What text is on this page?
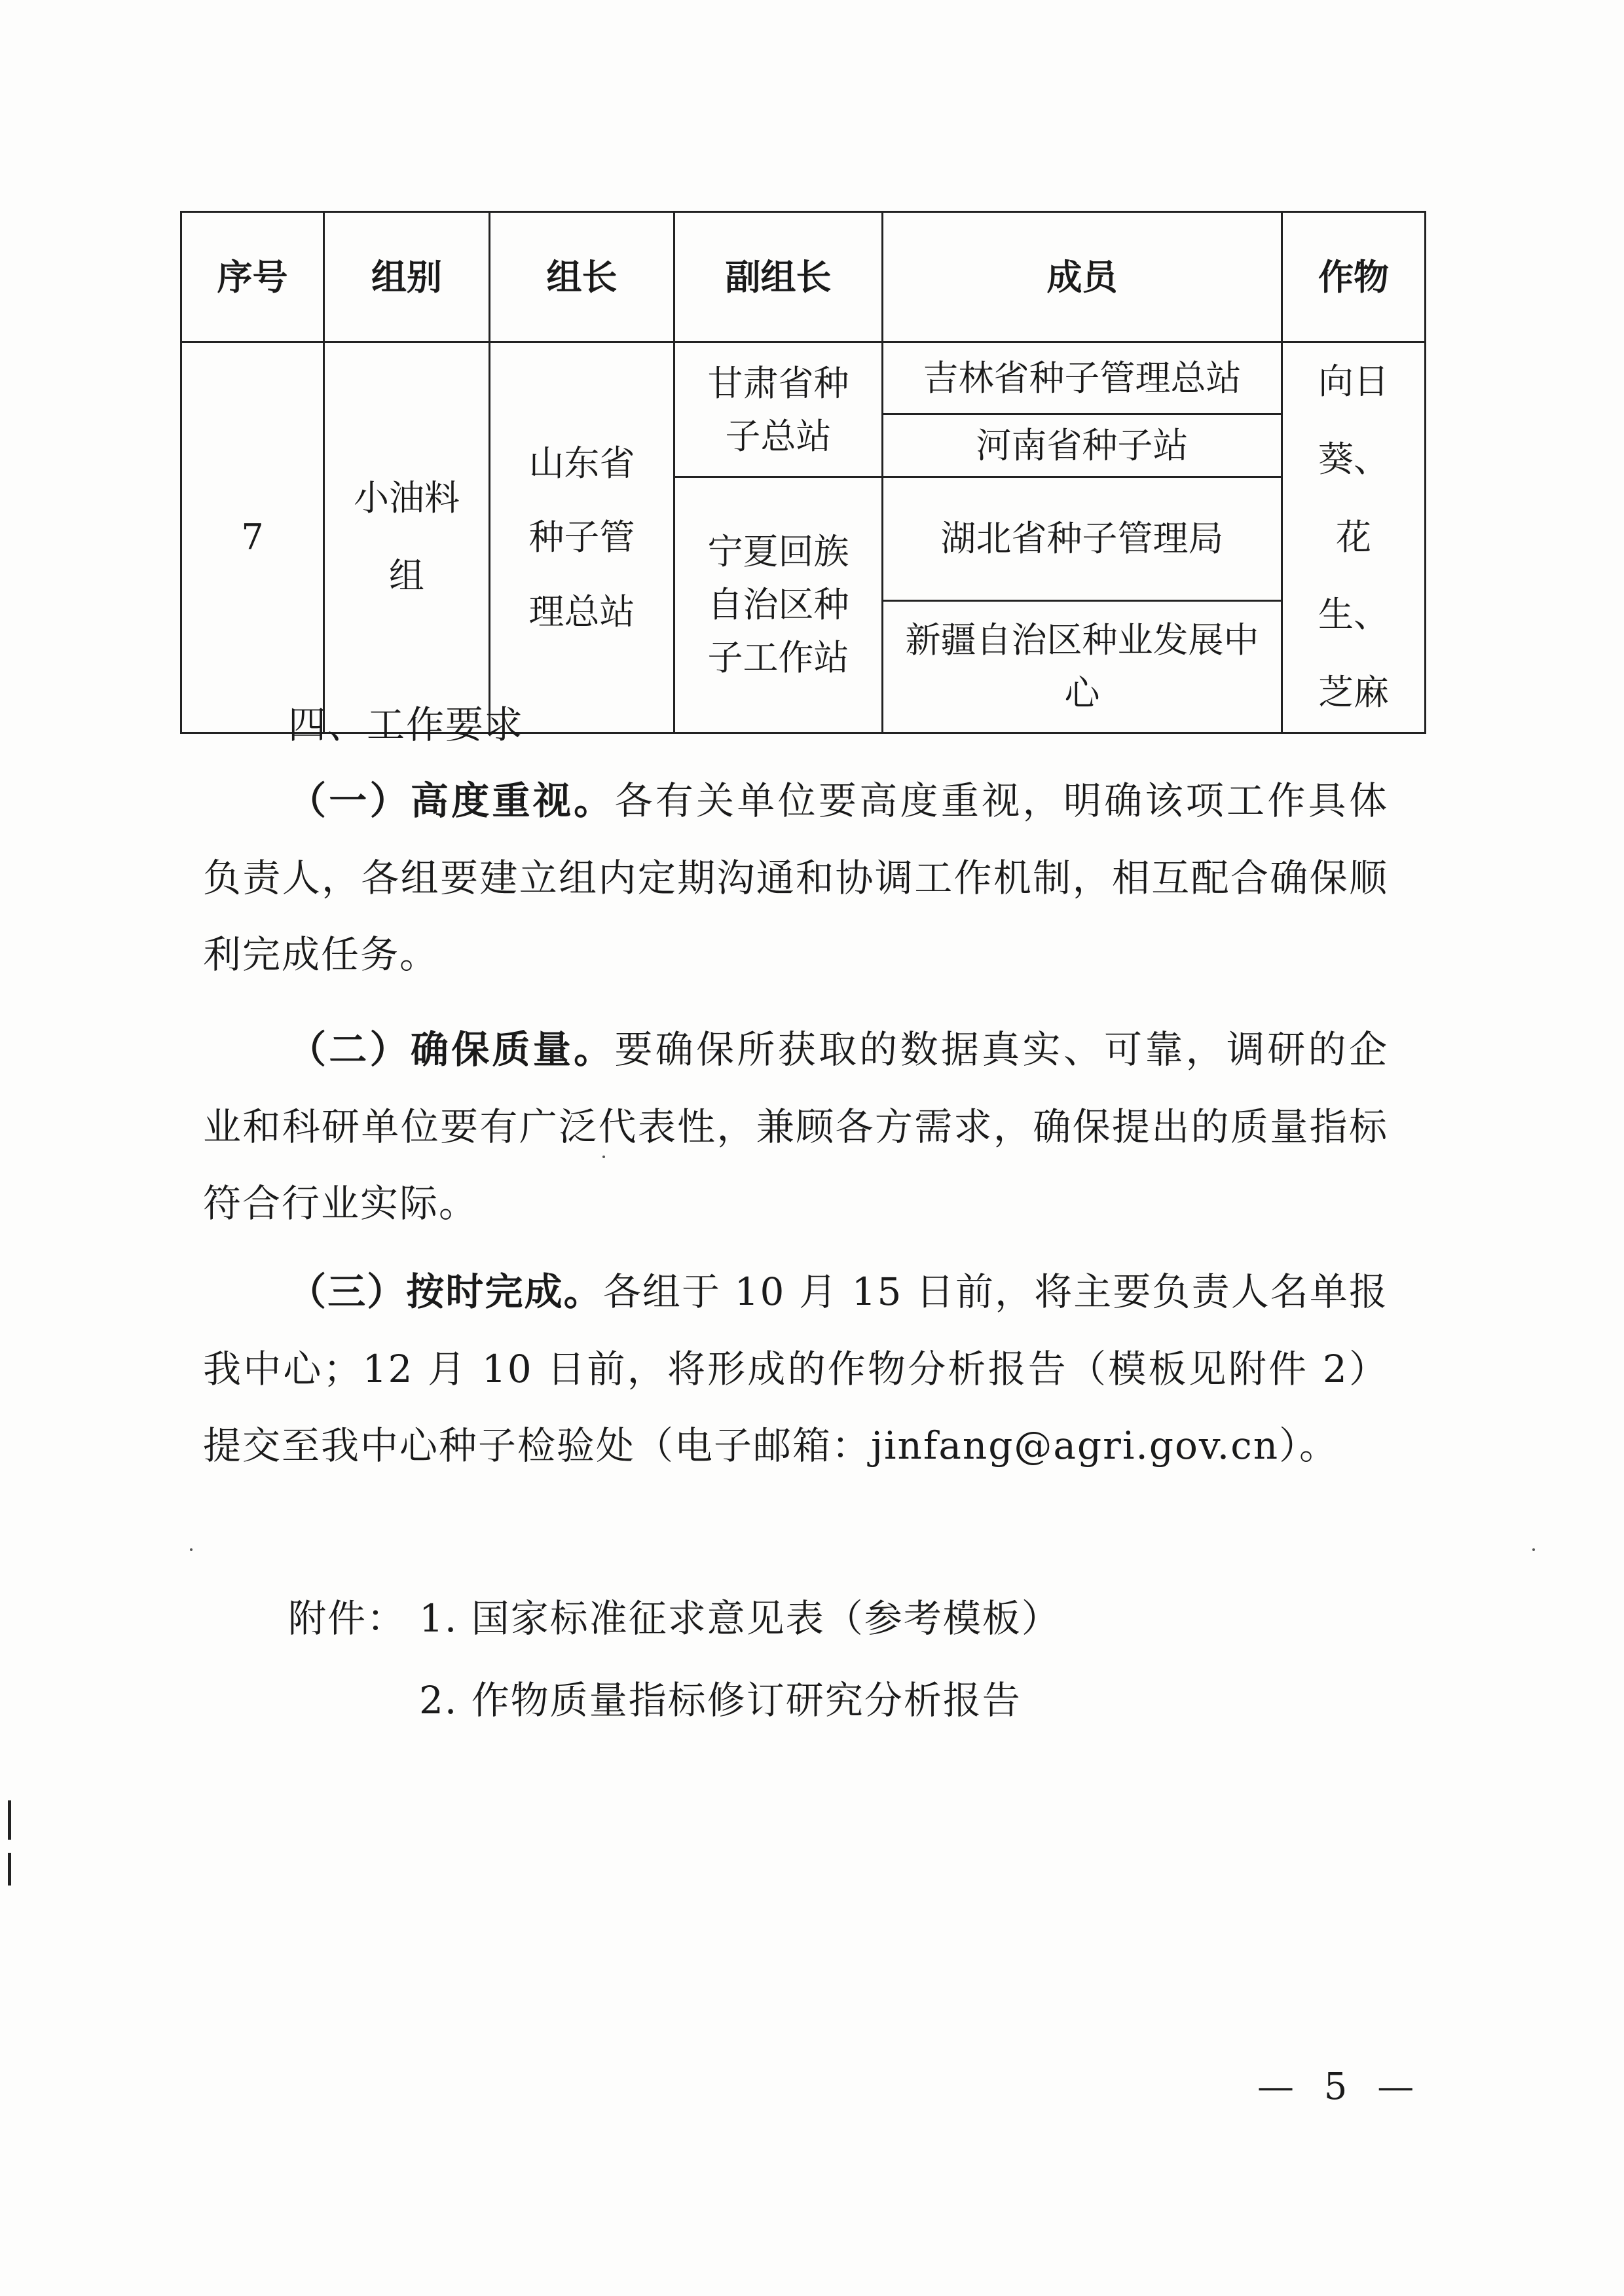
序号	组别	组长	副组长	成员	作物
7	小油料组	山东省种子管理总站	甘肃省种子总站	吉林省种子管理总站	向日葵、花生、芝麻
				河南省种子站	
			宁夏回族自治区种子工作站	湖北省种子管理局	
				新疆自治区种业发展中心	
四、工作要求
（一）高度重视。各有关单位要高度重视，明确该项工作具体负责人，各组要建立组内定期沟通和协调工作机制，相互配合确保顺利完成任务。
（二）确保质量。要确保所获取的数据真实、可靠，调研的企业和科研单位要有广泛代表性，兼顾各方需求，确保提出的质量指标符合行业实际。
（三）按时完成。各组于 10 月 15 日前，将主要负责人名单报我中心；12 月 10 日前，将形成的作物分析报告（模板见附件 2）提交至我中心种子检验处（电子邮箱：jinfang@agri.gov.cn）。
附件： 1. 国家标准征求意见表（参考模板）
2. 作物质量指标修订研究分析报告
— 5 —
